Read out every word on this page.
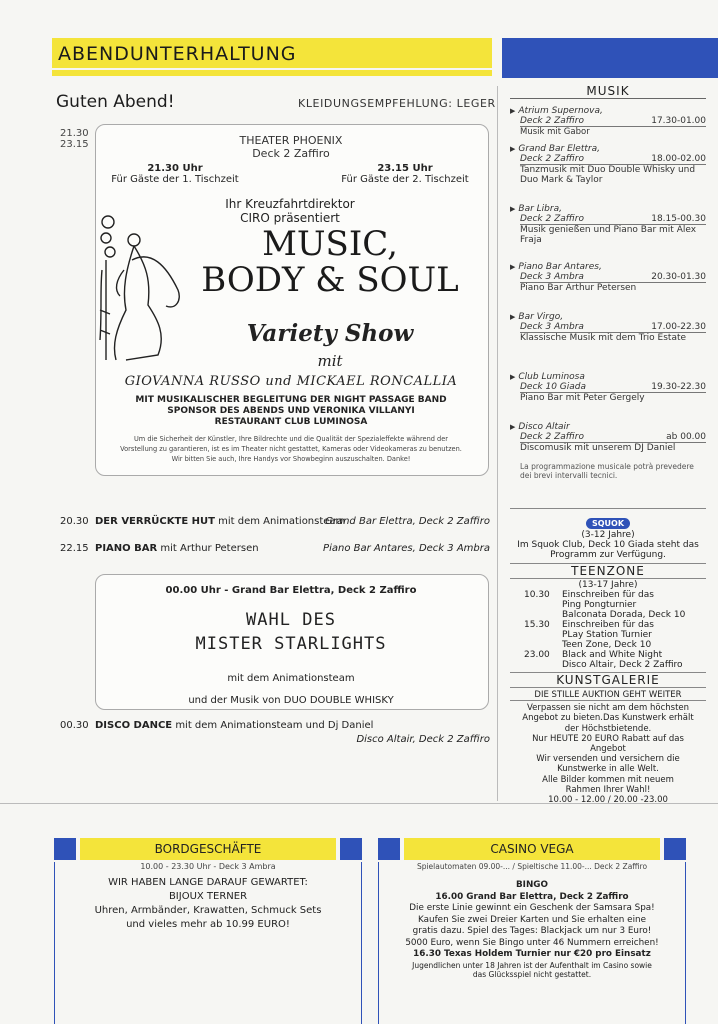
ABENDUNTERHALTUNG
Guten Abend!	KLEIDUNGSEMPFEHLUNG: LEGER
21.30
23.15	THEATER PHOENIX
Deck 2 Zaffiro
21.30 Uhr
Für Gäste der 1. Tischzeit
23.15 Uhr
Für Gäste der 2. Tischzeit
Ihr Kreuzfahrtdirektor
CIRO präsentiert
MUSIC,
BODY & SOUL
Variety Show
mit
GIOVANNA RUSSO und MICKAEL RONCALLIA
MIT MUSIKALISCHER BEGLEITUNG DER NIGHT PASSAGE BAND
SPONSOR DES ABENDS UND VERONIKA VILLANYI
RESTAURANT CLUB LUMINOSA
Um die Sicherheit der Künstler, Ihre Bildrechte und die Qualität der Spezialeffekte während der
Vorstellung zu garantieren, ist es im Theater nicht gestattet, Kameras oder Videokameras zu benutzen.
Wir bitten Sie auch, Ihre Handys vor Showbeginn auszuschalten. Danke!
20.30 DER VERRÜCKTE HUT mit dem Animationsteam
Grand Bar Elettra, Deck 2 Zaffiro
22.15 PIANO BAR mit Arthur Petersen	Piano Bar Antares, Deck 3 Ambra
00.00 Uhr - Grand Bar Elettra, Deck 2 Zaffiro
WAHL DES
MISTER STARLIGHTS
mit dem Animationsteam
und der Musik von DUO DOUBLE WHISKY
00.30 DISCO DANCE mit dem Animationsteam und Dj Daniel
Disco Altair, Deck 2 Zaffiro
MUSIK
▶ Atrium Supernova,
Deck 2 Zaffiro	17.30-01.00
Musik mit Gabor
▶ Grand Bar Elettra,
Deck 2 Zaffiro	18.00-02.00
Tanzmusik mit Duo Double Whisky und Duo Mark & Taylor
▶ Bar Libra,
Deck 2 Zaffiro	18.15-00.30
Musik genießen und Piano Bar mit Alex Fraja
▶ Piano Bar Antares,
Deck 3 Ambra	20.30-01.30
Piano Bar Arthur Petersen
▶ Bar Virgo,
Deck 3 Ambra	17.00-22.30
Klassische Musik mit dem Trio Estate
▶ Club Luminosa
Deck 10 Giada	19.30-22.30
Piano Bar mit Peter Gergely
▶ Disco Altair
Deck 2 Zaffiro	ab 00.00
Discomusik mit unserem DJ Daniel
La programmazione musicale potrà prevedere dei brevi intervalli tecnici.
SQUOK
(3-12 Jahre)
Im Squok Club, Deck 10 Giada steht das
Programm zur Verfügung.
TEENZONE
(13-17 Jahre)
10.30	Einschreiben für das
Ping Pongturnier
Balconata Dorada, Deck 10
15.30	Einschreiben für das
PLay Station Turnier
Teen Zone, Deck 10
23.00	Black and White Night
Disco Altair, Deck 2 Zaffiro
KUNSTGALERIE
DIE STILLE AUKTION GEHT WEITER
Verpassen sie nicht am dem höchsten
Angebot zu bieten.Das Kunstwerk erhält
der Höchstbietende.
Nur HEUTE 20 EURO Rabatt auf das
Angebot
Wir versenden und versichern die
Kunstwerke in alle Welt.
Alle Bilder kommen mit neuem
Rahmen Ihrer Wahl!
10.00 - 12.00 / 20.00 -23.00
BORDGESCHÄFTE
10.00 - 23.30 Uhr - Deck 3 Ambra
WIR HABEN LANGE DARAUF GEWARTET:
BIJOUX TERNER
Uhren, Armbänder, Krawatten, Schmuck Sets
und vieles mehr ab 10.99 EURO!
CASINO VEGA
Spielautomaten 09.00-... / Spieltische 11.00-... Deck 2 Zaffiro
BINGO
16.00 Grand Bar Elettra, Deck 2 Zaffiro
Die erste Linie gewinnt ein Geschenk der Samsara Spa!
Kaufen Sie zwei Dreier Karten und Sie erhalten eine
gratis dazu. Spiel des Tages: Blackjack um nur 3 Euro!
5000 Euro, wenn Sie Bingo unter 46 Nummern erreichen!
16.30 Texas Holdem Turnier nur €20 pro Einsatz
Jugendlichen unter 18 Jahren ist der Aufenthalt im Casino sowie
das Glücksspiel nicht gestattet.
